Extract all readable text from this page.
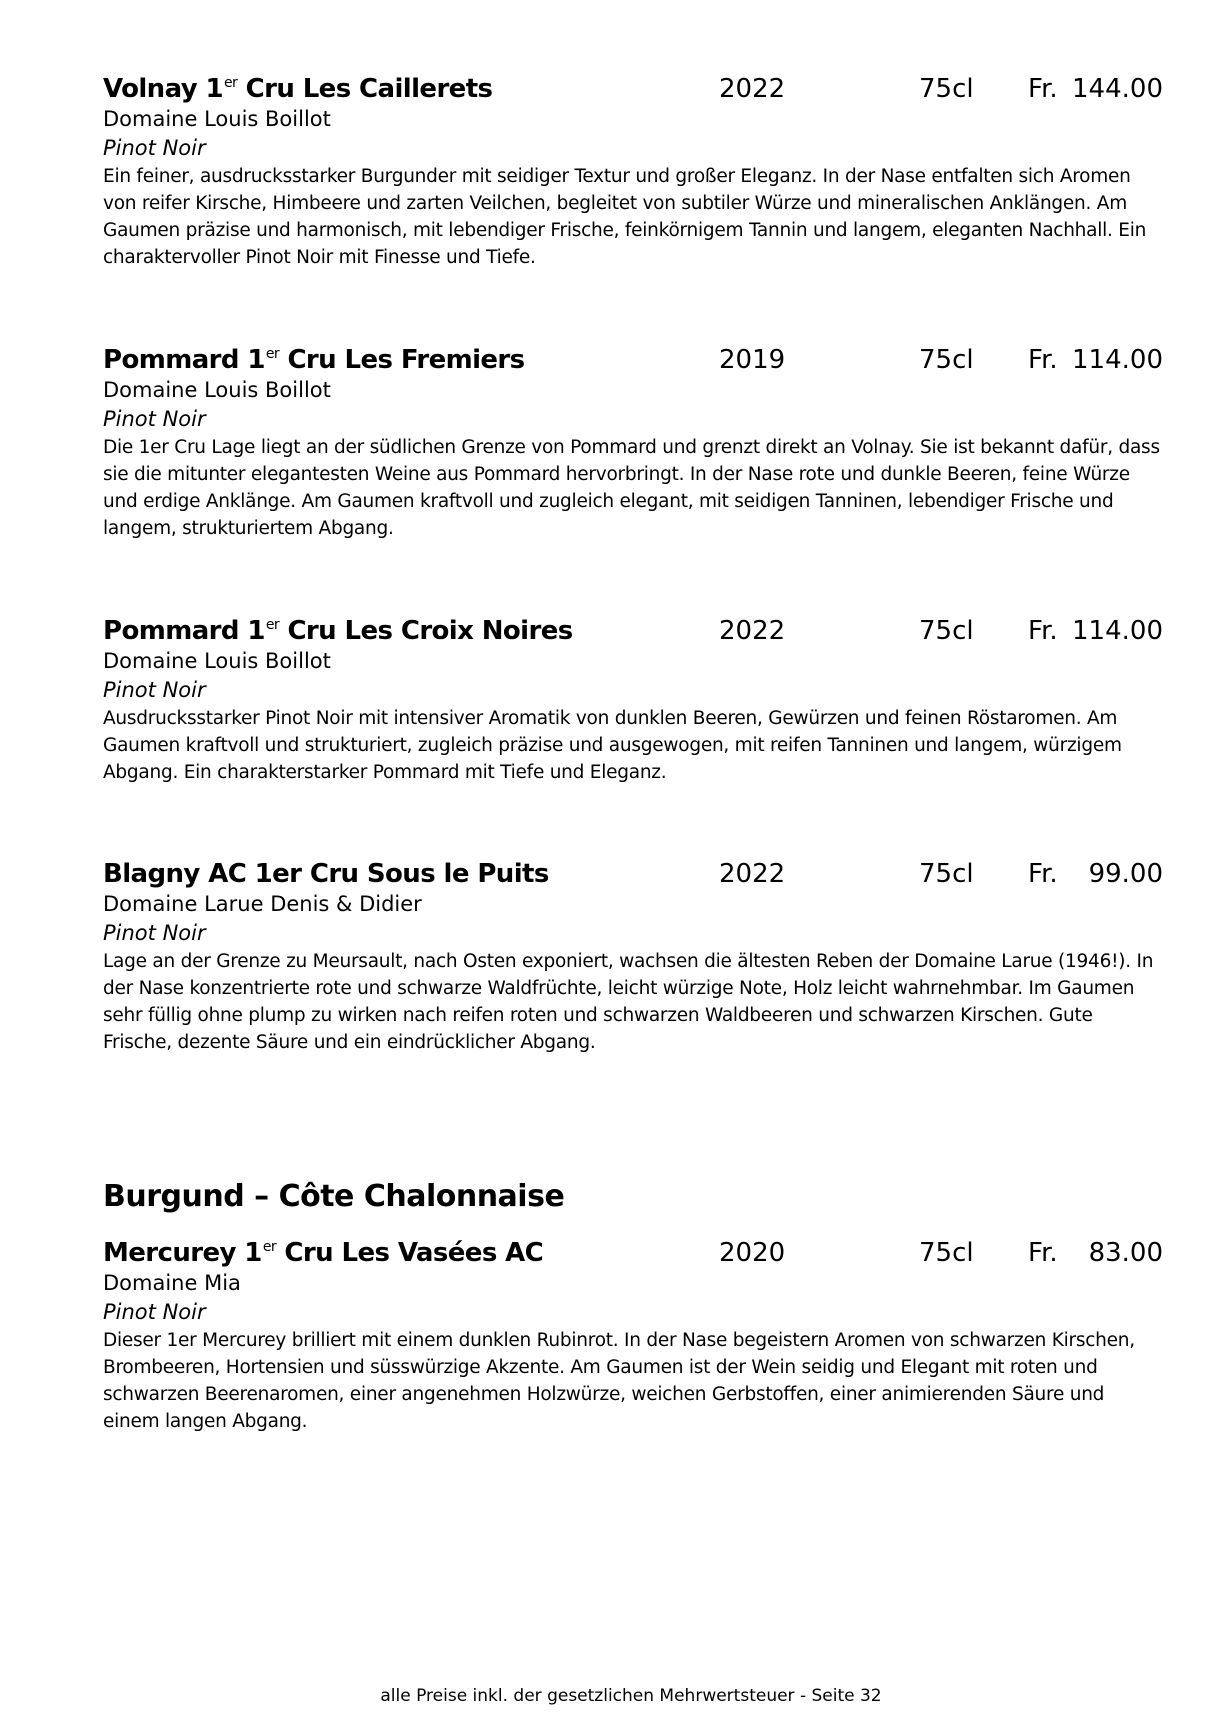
Volnay 1er Cru Les Caillerets	2022	75cl Fr. 144.00
Domaine Louis Boillot
Pinot Noir

Ein feiner, ausdrucksstarker Burgunder mit seidiger Textur und großer Eleganz. In der Nase entfalten sich Aromen von reifer Kirsche, Himbeere und zarten Veilchen, begleitet von subtiler Würze und mineralischen Anklängen. Am Gaumen präzise und harmonisch, mit lebendiger Frische, feinkörnigem Tannin und langem, eleganten Nachhall. Ein charaktervoller Pinot Noir mit Finesse und Tiefe.

Pommard 1er Cru Les Fremiers	2019	75cl Fr. 114.00
Domaine Louis Boillot
Pinot Noir

Die 1er Cru Lage liegt an der südlichen Grenze von Pommard und grenzt direkt an Volnay. Sie ist bekannt dafür, dass sie die mitunter elegantesten Weine aus Pommard hervorbringt. In der Nase rote und dunkle Beeren, feine Würze und erdige Anklänge. Am Gaumen kraftvoll und zugleich elegant, mit seidigen Tanninen, lebendiger Frische und langem, strukturiertem Abgang.

Pommard 1er Cru Les Croix Noires	2022	75cl Fr. 114.00
Domaine Louis Boillot
Pinot Noir

Ausdrucksstarker Pinot Noir mit intensiver Aromatik von dunklen Beeren, Gewürzen und feinen Röstaromen. Am Gaumen kraftvoll und strukturiert, zugleich präzise und ausgewogen, mit reifen Tanninen und langem, würzigem Abgang. Ein charakterstarker Pommard mit Tiefe und Eleganz.

Blagny AC 1er Cru Sous le Puits	2022	75cl Fr. 99.00
Domaine Larue Denis & Didier
Pinot Noir

Lage an der Grenze zu Meursault, nach Osten exponiert, wachsen die ältesten Reben der Domaine Larue (1946!). In der Nase konzentrierte rote und schwarze Waldfrüchte, leicht würzige Note, Holz leicht wahrnehmbar. Im Gaumen sehr füllig ohne plump zu wirken nach reifen roten und schwarzen Waldbeeren und schwarzen Kirschen. Gute Frische, dezente Säure und ein eindrücklicher Abgang.

Burgund – Côte Chalonnaise
Mercurey 1er Cru Les Vasées AC	2020	75cl Fr. 83.00
Domaine Mia
Pinot Noir

Dieser 1er Mercurey brilliert mit einem dunklen Rubinrot. In der Nase begeistern Aromen von schwarzen Kirschen, Brombeeren, Hortensien und süsswürzige Akzente. Am Gaumen ist der Wein seidig und Elegant mit roten und schwarzen Beerenaromen, einer angenehmen Holzwürze, weichen Gerbstoffen, einer animierenden Säure und einem langen Abgang.

alle Preise inkl. der gesetzlichen Mehrwertsteuer - Seite 32
